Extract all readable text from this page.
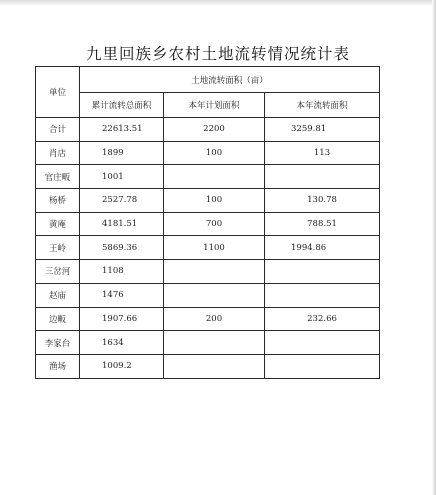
九里回族乡农村土地流转情况统计表
单位	土地流转面积（亩）		
	累计流转总面积	本年计划面积	本年流转面积
合计	22613.51	2200	3259.81
肖店	1899	100	113
官庄畈	1001		
杨桥	2527.78	100	130.78
黄庵	4181.51	700	788.51
王岭	5869.36	1100	1994.86
三岔河	1108		
赵庙	1476		
边畈	1907.66	200	232.66
李家台	1634		
渔场	1009.2		
